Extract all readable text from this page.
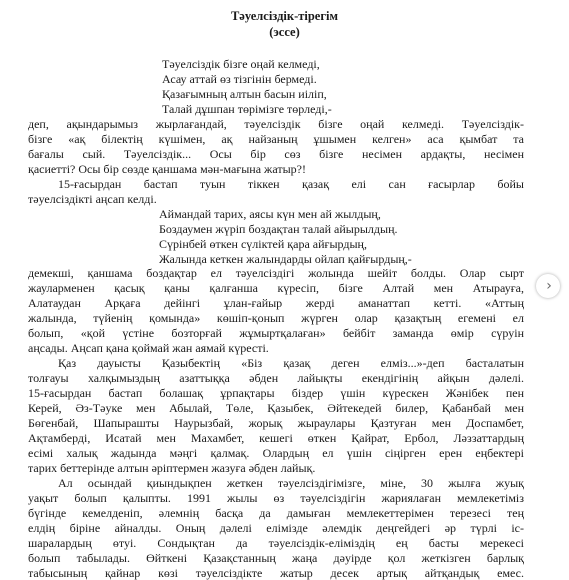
Тәуелсіздік-тірегім
(эссе)
Тәуелсіздік бізге оңай келмеді,
Асау аттай өз тізгінін бермеді.
Қазағымның алтын басын иіліп,
Талай дұшпан төрімізге төрледі,-
деп, ақындарымыз жырлағандай, тәуелсіздік бізге оңай келмеді. Тәуелсіздік-
бізге «ақ білектің күшімен, ақ найзаның ұшымен келген» аса қымбат та
бағалы сый. Тәуелсіздік... Осы бір сөз бізге несімен ардақты, несімен
қасиетті? Осы бір сөзде қаншама мән-мағына жатыр?!
15-ғасырдан бастап туын тіккен қазақ елі сан ғасырлар бойы
тәуелсіздікті аңсап келді.
Аймандай тарих, аясы күн мен ай жылдың,
Боздаумен жүріп боздақтан талай айырылдың.
Сүрінбей өткен сүліктей қара айғырдың,
Жалында кеткен жалындарды ойлап қайғырдың,-
демекші, қаншама боздақтар ел тәуелсіздігі жолында шейіт болды. Олар сырт
жауларменен қасық қаны қалғанша күресіп, бізге Алтай мен Атырауға,
Алатаудан Арқаға дейінгі ұлан-ғайыр жерді аманаттап кетті. «Аттың
жалында, түйенің қомында» көшіп-қонып жүрген олар қазақтың егемені ел
болып, «қой үстіне бозторғай жұмыртқалаған» бейбіт заманда өмір сүруін
аңсады. Аңсап қана қоймай жан аямай күресті.
Қаз дауысты Қазыбектің «Біз қазақ деген елміз...»-деп басталатын
толғауы халқымыздың азаттыққа әбден лайықты екендігінің айқын дәлелі.
15-ғасырдан бастап болашақ ұрпақтары біздер үшін күрескен Жәнібек пен
Керей, Әз-Тәуке мен Абылай, Төле, Қазыбек, Әйтекедей билер, Қабанбай мен
Бөгенбай, Шапырашты Наурызбай, жорық жыраулары Қазтуған мен Доспамбет,
Ақтамберді, Исатай мен Махамбет, кешегі өткен Қайрат, Ербол, Ләззаттардың
есімі халық жадында мәңгі қалмақ. Олардың ел үшін сіңірген ерен еңбектері
тарих беттерінде алтын әріптермен жазуға әбден лайық.
Ал осындай қиындықпен жеткен тәуелсіздігімізге, міне, 30 жылға жуық
уақыт болып қалыпты. 1991 жылы өз тәуелсіздігін жариялаған мемлекетіміз
бүгінде кемелденіп, әлемнің басқа да дамыған мемлекеттерімен терезесі тең
елдің біріне айналды. Оның дәлелі елімізде әлемдік деңгейдегі әр түрлі іс-
шаралардың өтуі. Сондықтан да тәуелсіздік-еліміздің ең басты мерекесі
болып табылады. Өйткені Қазақстанның жаңа дәуірде қол жеткізген барлық
табысының қайнар көзі тәуелсіздікте жатыр десек артық айтқандық емес.
›
